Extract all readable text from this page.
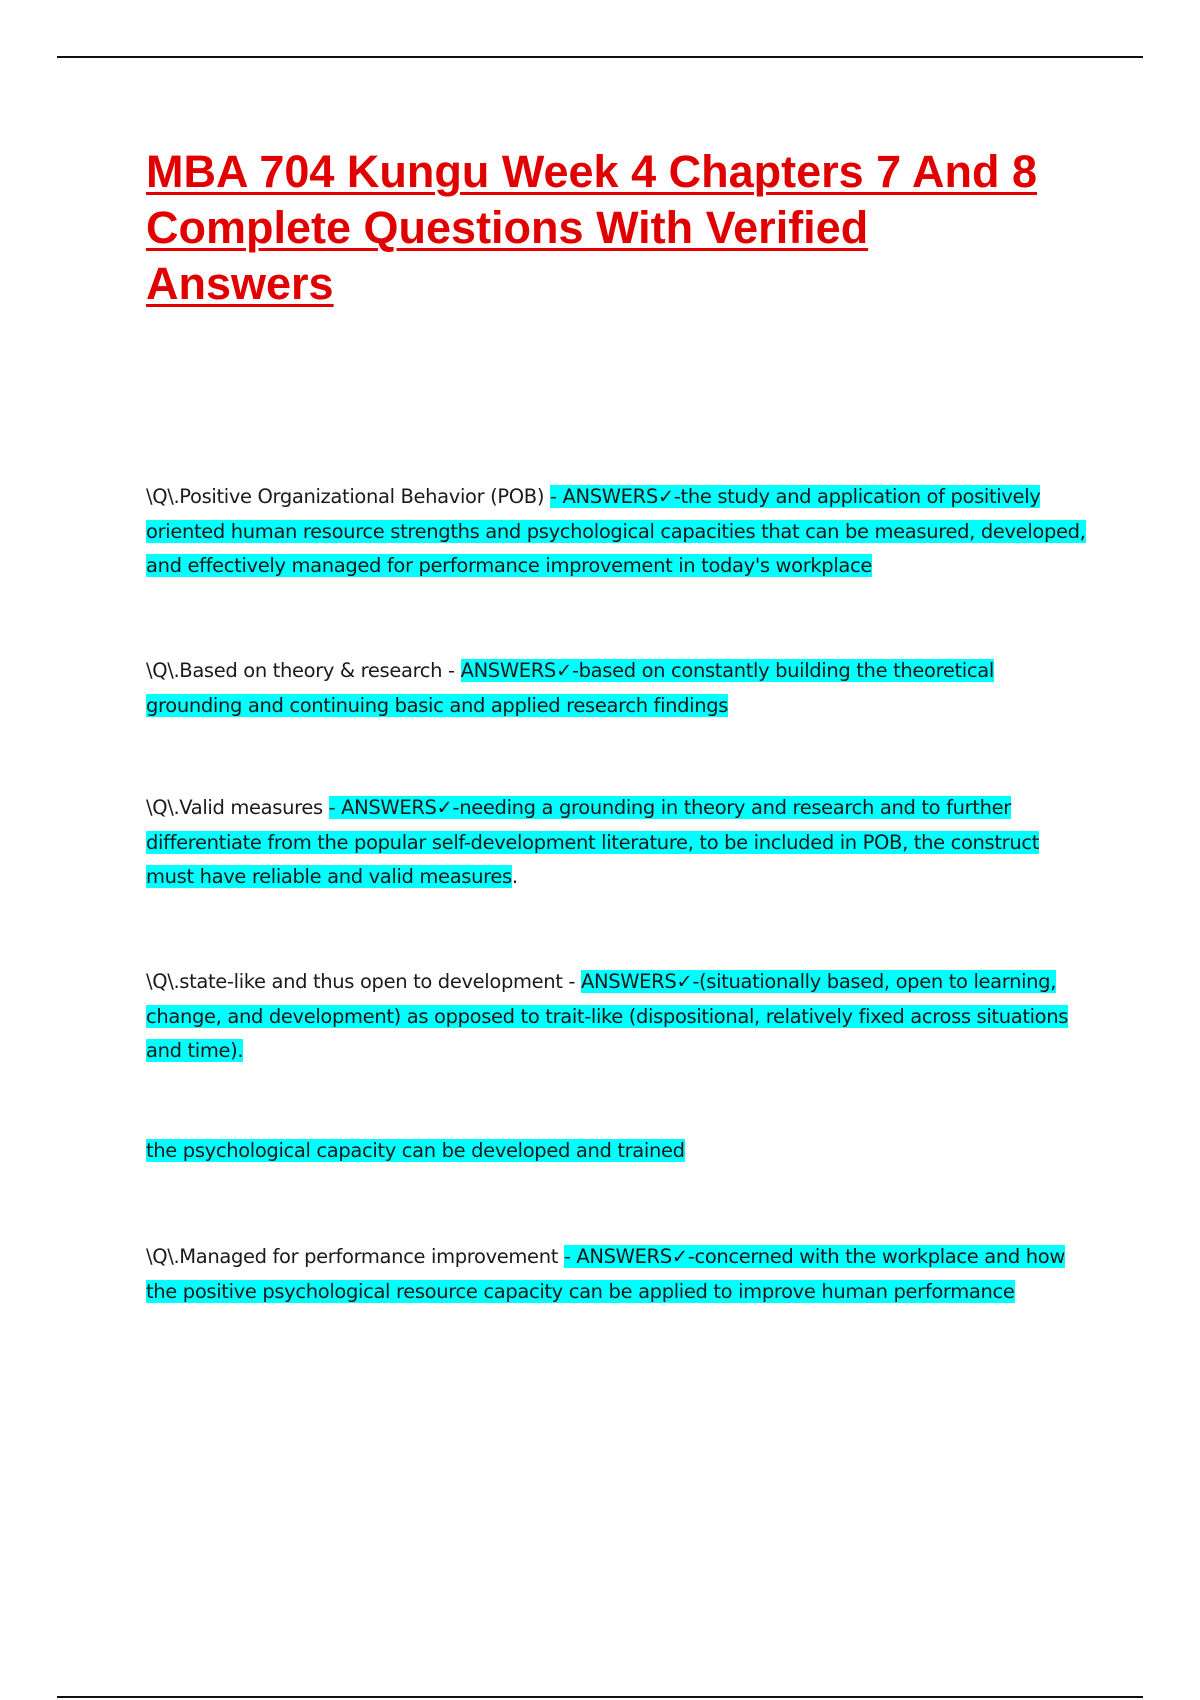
MBA 704 Kungu Week 4 Chapters 7 And 8 Complete Questions With Verified Answers

\Q\.Positive Organizational Behavior (POB) - ANSWERS✓-the study and application of positively oriented human resource strengths and psychological capacities that can be measured, developed, and effectively managed for performance improvement in today's workplace

\Q\.Based on theory & research - ANSWERS✓-based on constantly building the theoretical grounding and continuing basic and applied research findings

\Q\.Valid measures - ANSWERS✓-needing a grounding in theory and research and to further differentiate from the popular self-development literature, to be included in POB, the construct must have reliable and valid measures.

\Q\.state-like and thus open to development - ANSWERS✓-(situationally based, open to learning, change, and development) as opposed to trait-like (dispositional, relatively fixed across situations and time).

the psychological capacity can be developed and trained

\Q\.Managed for performance improvement - ANSWERS✓-concerned with the workplace and how the positive psychological resource capacity can be applied to improve human performance
